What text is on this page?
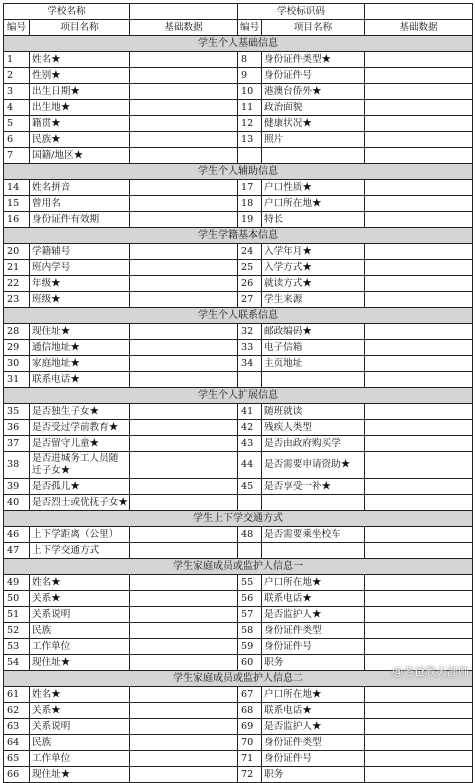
学校名称			学校标识码		
编号	项目名称	基础数据	编号	项目名称	基础数据
学生个人基础信息					
1	姓名★		8	身份证件类型★	
2	性别★		9	身份证件号	
3	出生日期★		10	港澳台侨外★	
4	出生地★		11	政治面貌	
5	籍贯★		12	健康状况★	
6	民族★		13	照片	
7	国籍/地区★				
学生个人辅助信息					
14	姓名拼音		17	户口性质★	
15	曾用名		18	户口所在地★	
16	身份证件有效期		19	特长	
学生学籍基本信息					
20	学籍辅号		24	入学年月★	
21	班内学号		25	入学方式★	
22	年级★		26	就读方式★	
23	班级★		27	学生来源	
学生个人联系信息					
28	现住址★		32	邮政编码★	
29	通信地址★		33	电子信箱	
30	家庭地址★		34	主页地址	
31	联系电话★				
学生个人扩展信息					
35	是否独生子女★		41	随班就读	
36	是否受过学前教育★		42	残疾人类型	
37	是否留守儿童★		43	是否由政府购买学	
38	是否进城务工人员随迁子女★		44	是否需要申请资助★	
39	是否孤儿★		45	是否享受一补★	
40	是否烈士或优抚子女★				
学生上下学交通方式					
46	上下学距离（公里）		48	是否需要乘坐校车	
47	上下学交通方式				
学生家庭成员或监护人信息一					
49	姓名★		55	户口所在地★	
50	关系★		56	联系电话★	
51	关系说明		57	是否监护人★	
52	民族		58	身份证件类型	
53	工作单位		59	身份证件号	
54	现住址★		60	职务	
学生家庭成员或监护人信息二					
61	姓名★		67	户口所在地★	
62	关系★		68	联系电话★	
63	关系说明		69	是否监护人★	
64	民族		70	身份证件类型	
65	工作单位		71	身份证件号	
66	现住址★		72	职务	
@老爸教天涯帅
